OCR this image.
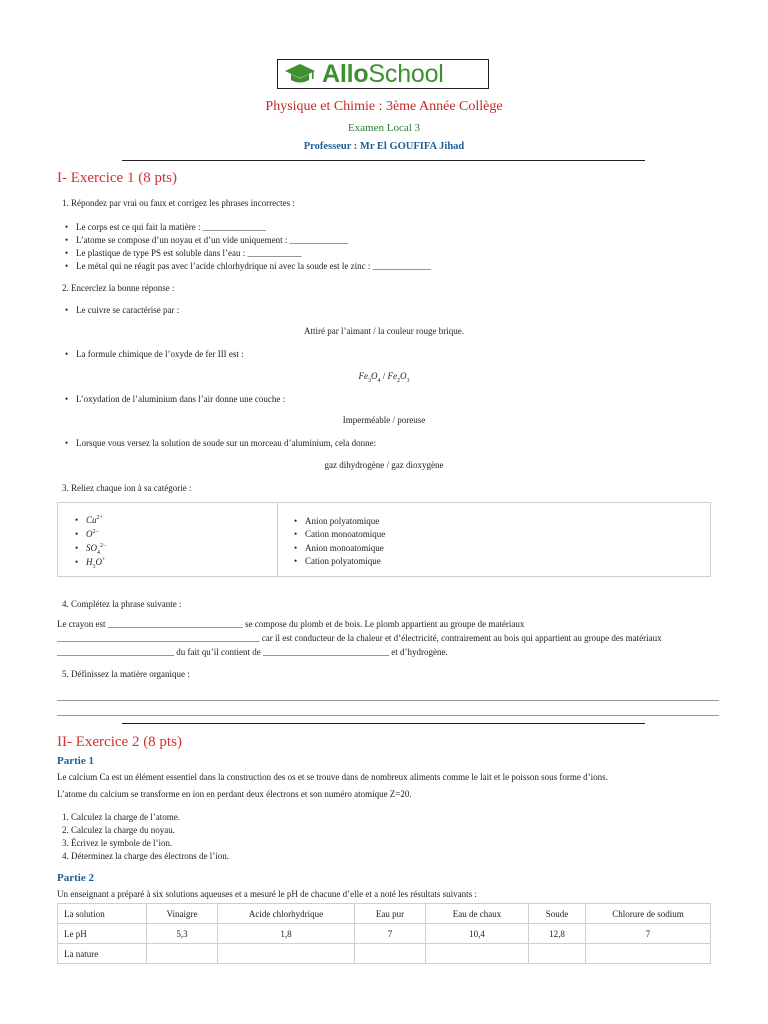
AlloSchool
Physique et Chimie : 3ème Année Collège
Examen Local 3
Professeur : Mr El GOUFIFA Jihad
I- Exercice 1 (8 pts)
1. Répondez par vrai ou faux et corrigez les phrases incorrectes :
• Le corps est ce qui fait la matière : ______________
• L’atome se compose d’un noyau et d’un vide uniquement : _____________
• Le plastique de type PS est soluble dans l’eau : ____________
• Le métal qui ne réagit pas avec l’acide chlorhydrique ni avec la soude est le zinc : _____________
2. Encerclez la bonne réponse :
• Le cuivre se caractérise par :
Attiré par l’aimant / la couleur rouge brique.
• La formule chimique de l’oxyde de fer III est :
$Fe_3O_4 / Fe_2O_3$
• L’oxydation de l’aluminium dans l’air donne une couche :
Imperméable / poreuse
• Lorsque vous versez la solution de soude sur un morceau d’aluminium, cela donne:
gaz dihydrogène / gaz dioxygène
3. Reliez chaque ion à sa catégorie :
• $Cu^{2+}$
• $O^{2-}$
• $SO_4^{2-}$
• $H_3O^+$
• Anion polyatomique
• Cation monoatomique
• Anion monoatomique
• Cation polyatomique
4. Complétez la phrase suivante :
Le crayon est ______________________________ se compose du plomb et de bois. Le plomb appartient au groupe de matériaux
_____________________________________________ car il est conducteur de la chaleur et d’électricité, contrairement au bois qui appartient au groupe des matériaux
__________________________ du fait qu’il contient de ____________________________ et d’hydrogène.
5. Définissez la matière organique :
II- Exercice 2 (8 pts)
Partie 1
Le calcium Ca est un élément essentiel dans la construction des os et se trouve dans de nombreux aliments comme le lait et le poisson sous forme d’ions.
L’atome du calcium se transforme en ion en perdant deux électrons et son numéro atomique Z=20.
1. Calculez la charge de l’atome.
2. Calculez la charge du noyau.
3. Écrivez le symbole de l’ion.
4. Déterminez la charge des électrons de l’ion.
Partie 2
Un enseignant a préparé à six solutions aqueuses et a mesuré le pH de chacune d’elle et a noté les résultats suivants :
La solution	Vinaigre	Acide chlorhydrique	Eau pur	Eau de chaux	Soude	Chlorure de sodium
Le pH	5,3	1,8	7	10,4	12,8	7
La nature						
